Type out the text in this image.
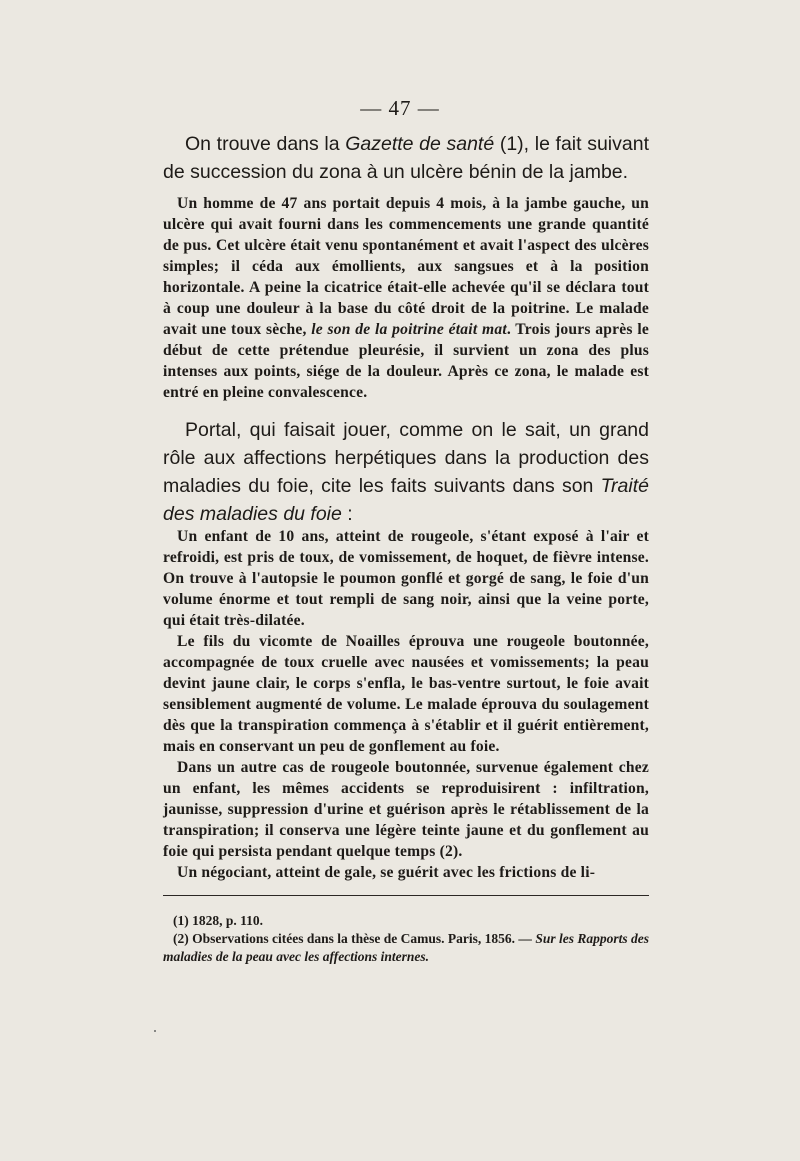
— 47 —

On trouve dans la Gazette de santé (1), le fait suivant de succession du zona à un ulcère bénin de la jambe.

Un homme de 47 ans portait depuis 4 mois, à la jambe gauche, un ulcère qui avait fourni dans les commencements une grande quantité de pus. Cet ulcère était venu spontanément et avait l'aspect des ulcères simples; il céda aux émollients, aux sangsues et à la position horizontale. A peine la cicatrice était-elle achevée qu'il se déclara tout à coup une douleur à la base du côté droit de la poitrine. Le malade avait une toux sèche, le son de la poitrine était mat. Trois jours après le début de cette prétendue pleurésie, il survient un zona des plus intenses aux points, siége de la douleur. Après ce zona, le malade est entré en pleine convalescence.

Portal, qui faisait jouer, comme on le sait, un grand rôle aux affections herpétiques dans la production des maladies du foie, cite les faits suivants dans son Traité des maladies du foie :

Un enfant de 10 ans, atteint de rougeole, s'étant exposé à l'air et refroidi, est pris de toux, de vomissement, de hoquet, de fièvre intense. On trouve à l'autopsie le poumon gonflé et gorgé de sang, le foie d'un volume énorme et tout rempli de sang noir, ainsi que la veine porte, qui était très-dilatée.

Le fils du vicomte de Noailles éprouva une rougeole boutonnée, accompagnée de toux cruelle avec nausées et vomissements; la peau devint jaune clair, le corps s'enfla, le bas-ventre surtout, le foie avait sensiblement augmenté de volume. Le malade éprouva du soulagement dès que la transpiration commença à s'établir et il guérit entièrement, mais en conservant un peu de gonflement au foie.

Dans un autre cas de rougeole boutonnée, survenue également chez un enfant, les mêmes accidents se reproduisirent : infiltration, jaunisse, suppression d'urine et guérison après le rétablissement de la transpiration; il conserva une légère teinte jaune et du gonflement au foie qui persista pendant quelque temps (2).

Un négociant, atteint de gale, se guérit avec les frictions de li-

(1) 1828, p. 110.

(2) Observations citées dans la thèse de Camus. Paris, 1856. — Sur les Rapports des maladies de la peau avec les affections internes.
